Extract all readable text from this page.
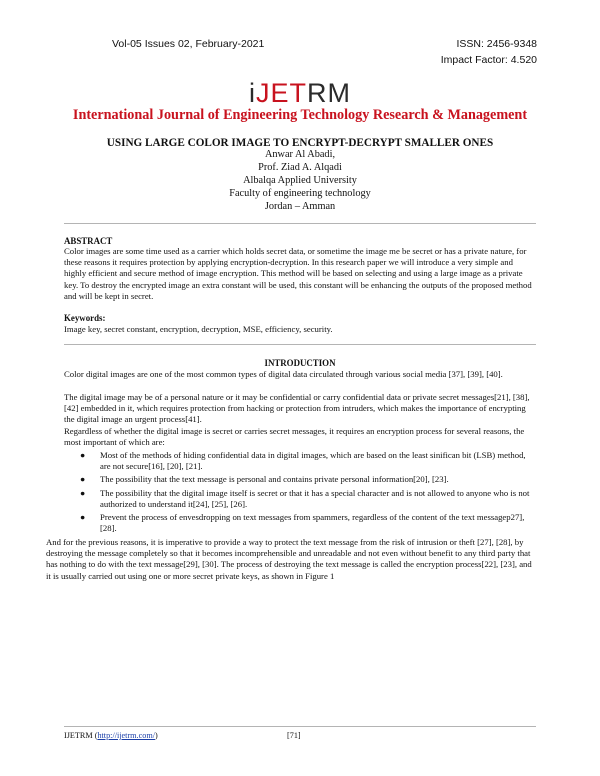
Vol-05 Issues 02, February-2021	ISSN: 2456-9348
Impact Factor: 4.520
iJETRM
International Journal of Engineering Technology Research & Management
USING LARGE COLOR IMAGE TO ENCRYPT-DECRYPT SMALLER ONES
Anwar Al Abadi,
Prof. Ziad A. Alqadi
Albalqa Applied University
Faculty of engineering technology
Jordan – Amman
ABSTRACT
Color images are some time used as a carrier which holds secret data, or sometime the image me be secret or has a private nature, for these reasons it requires protection by applying encryption-decryption. In this research paper we will introduce a very simple and highly efficient and secure method of image encryption. This method will be based on selecting and using a large image as a private key. To destroy the encrypted image an extra constant will be used, this constant will be enhancing the outputs of the proposed method and will be kept in secret.
Keywords:
Image key, secret constant, encryption, decryption, MSE, efficiency, security.
INTRODUCTION
Color digital images are one of the most common types of digital data circulated through various social media [37], [39], [40].
The digital image may be of a personal nature or it may be confidential or carry confidential data or private secret messages[21], [38], [42] embedded in it, which requires protection from hacking or protection from intruders, which makes the importance of encrypting the digital image an urgent process[41].
Regardless of whether the digital image is secret or carries secret messages, it requires an encryption process for several reasons, the most important of which are:
● Most of the methods of hiding confidential data in digital images, which are based on the least sinifican bit (LSB) method, are not secure[16], [20], [21].
● The possibility that the text message is personal and contains private personal information[20], [23].
● The possibility that the digital image itself is secret or that it has a special character and is not allowed to anyone who is not authorized to understand it[24], [25], [26].
● Prevent the process of envesdropping on text messages from spammers, regardless of the content of the text messagep27], [28].
And for the previous reasons, it is imperative to provide a way to protect the text message from the risk of intrusion or theft [27], [28], by destroying the message completely so that it becomes incomprehensible and unreadable and not even without benefit to any third party that has nothing to do with the text message[29], [30]. The process of destroying the text message is called the encryption process[22], [23], and it is usually carried out using one or more secret private keys, as shown in Figure 1
IJETRM (http://ijetrm.com/)	[71]
